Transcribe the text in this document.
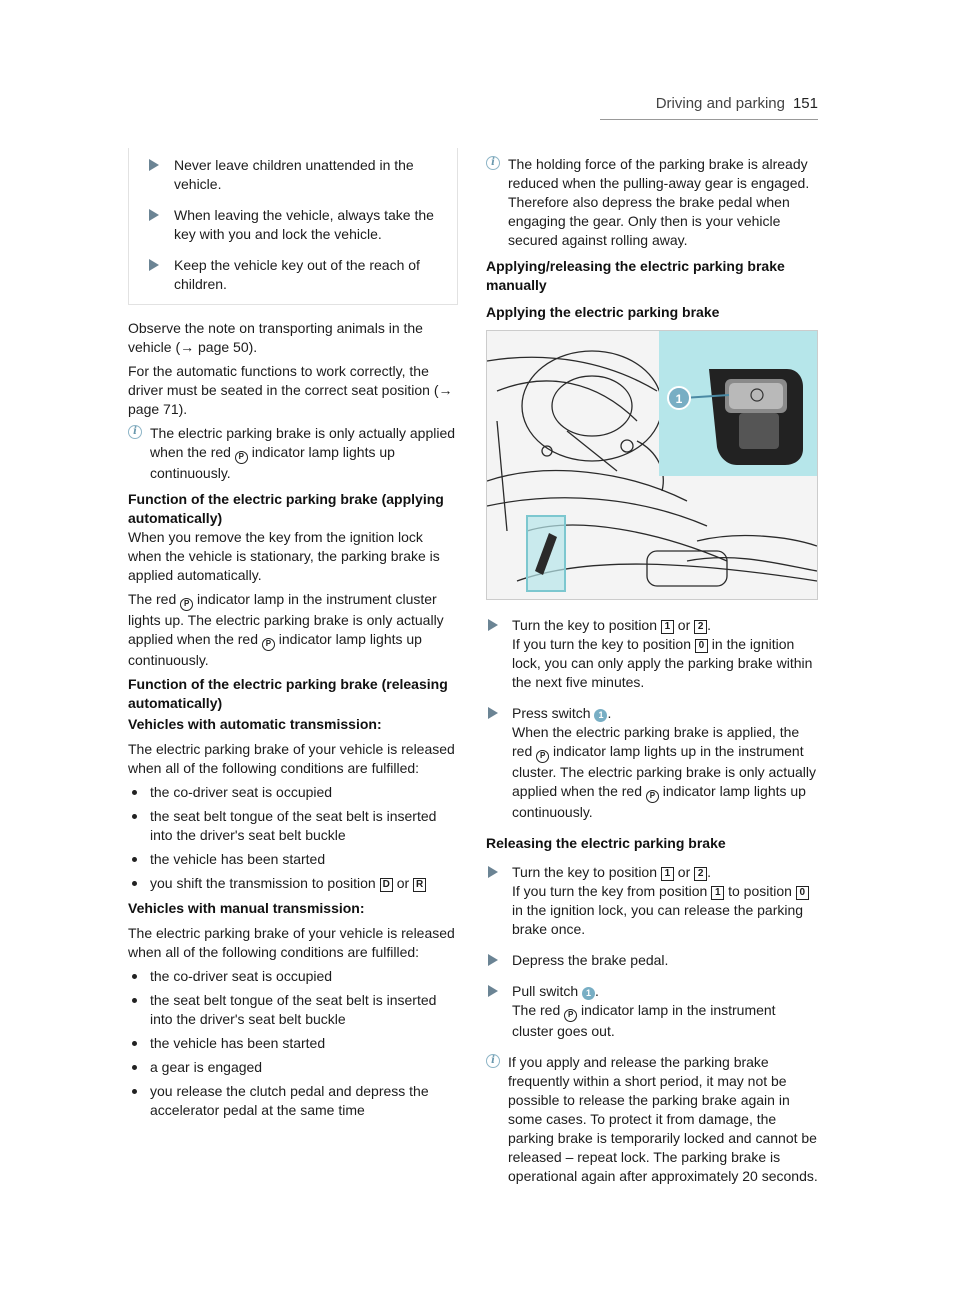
Driving and parking 151

Never leave children unattended in the vehicle.

When leaving the vehicle, always take the key with you and lock the vehicle.

Keep the vehicle key out of the reach of children.

Observe the note on transporting animals in the vehicle (→ page 50).

For the automatic functions to work correctly, the driver must be seated in the correct seat position (→ page 71).

i The electric parking brake is only actually applied when the red P indicator lamp lights up continuously.

Function of the electric parking brake (applying automatically)

When you remove the key from the ignition lock when the vehicle is stationary, the parking brake is applied automatically.

The red P indicator lamp in the instrument cluster lights up. The electric parking brake is only actually applied when the red P indicator lamp lights up continuously.

Function of the electric parking brake (releasing automatically)

Vehicles with automatic transmission:

The electric parking brake of your vehicle is released when all of the following conditions are fulfilled:

the co-driver seat is occupied
the seat belt tongue of the seat belt is inserted into the driver's seat belt buckle
the vehicle has been started
you shift the transmission to position D or R

Vehicles with manual transmission:

The electric parking brake of your vehicle is released when all of the following conditions are fulfilled:

the co-driver seat is occupied
the seat belt tongue of the seat belt is inserted into the driver's seat belt buckle
the vehicle has been started
a gear is engaged
you release the clutch pedal and depress the accelerator pedal at the same time
i The holding force of the parking brake is already reduced when the pulling-away gear is engaged. Therefore also depress the brake pedal when engaging the gear. Only then is your vehicle secured against rolling away.

Applying/releasing the electric parking brake manually

Applying the electric parking brake

1

Turn the key to position 1 or 2 .

If you turn the key to position 0 in the ignition lock, you can only apply the parking brake within the next five minutes.

Press switch 1 .

When the electric parking brake is applied, the red P indicator lamp lights up in the instrument cluster. The electric parking brake is only actually applied when the red P indicator lamp lights up continuously.

Releasing the electric parking brake

Turn the key to position 1 or 2 .

If you turn the key from position 1 to position 0 in the ignition lock, you can release the parking brake once.

Depress the brake pedal.

Pull switch 1 .

The red P indicator lamp in the instrument cluster goes out.

i If you apply and release the parking brake frequently within a short period, it may not be possible to release the parking brake again in some cases. To protect it from damage, the parking brake is temporarily locked and cannot be released – repeat lock. The parking brake is operational again after approximately 20 seconds.
